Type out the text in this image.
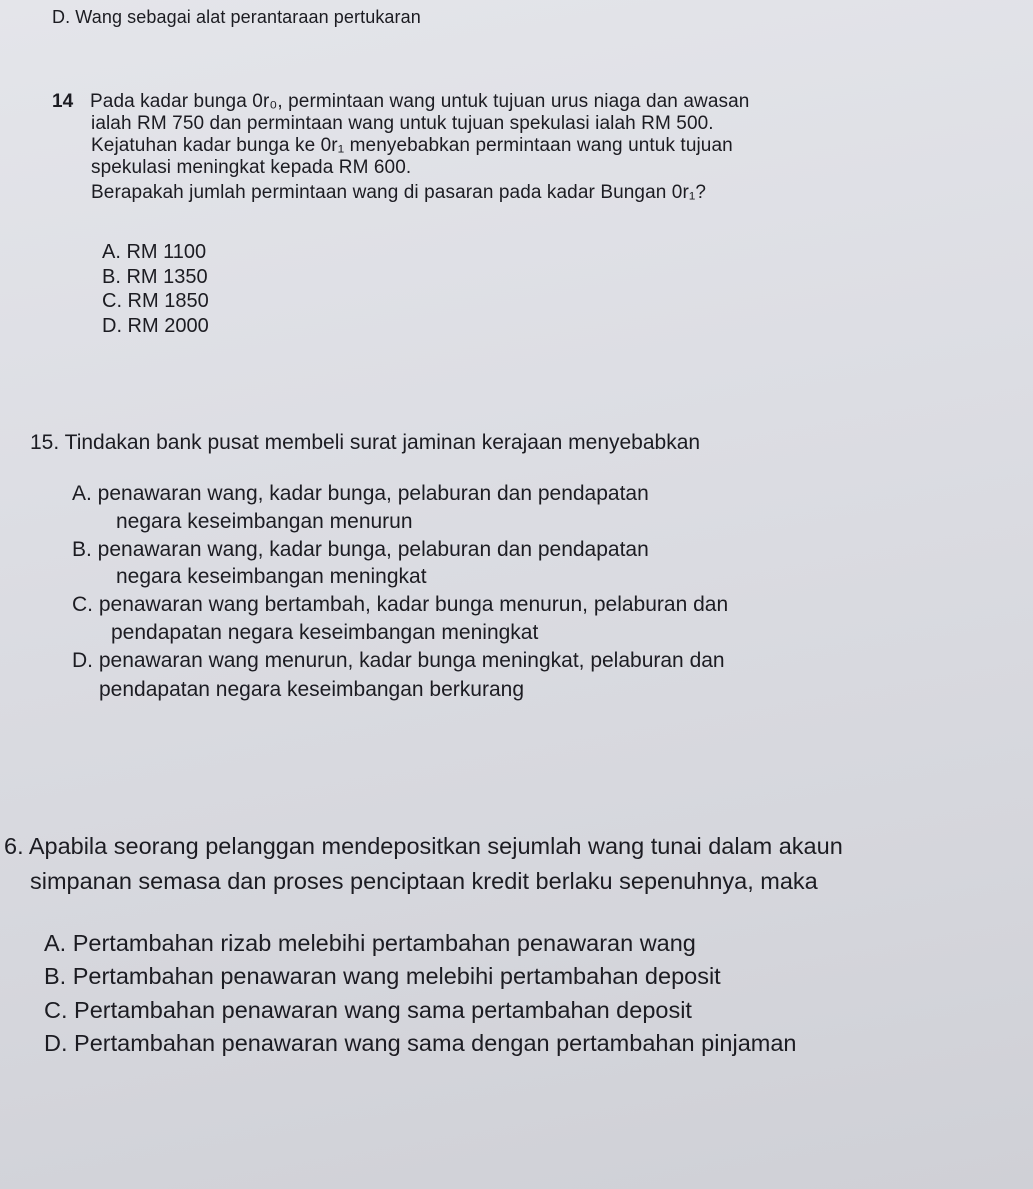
D. Wang sebagai alat perantaraan pertukaran
14 Pada kadar bunga 0r₀, permintaan wang untuk tujuan urus niaga dan awasan
ialah RM 750 dan permintaan wang untuk tujuan spekulasi ialah RM 500.
Kejatuhan kadar bunga ke 0r₁ menyebabkan permintaan wang untuk tujuan
spekulasi meningkat kepada RM 600.
Berapakah jumlah permintaan wang di pasaran pada kadar Bungan 0r₁?
A. RM 1100
B. RM 1350
C. RM 1850
D. RM 2000
15. Tindakan bank pusat membeli surat jaminan kerajaan menyebabkan
A. penawaran wang, kadar bunga, pelaburan dan pendapatan
negara keseimbangan menurun
B. penawaran wang, kadar bunga, pelaburan dan pendapatan
negara keseimbangan meningkat
C. penawaran wang bertambah, kadar bunga menurun, pelaburan dan
pendapatan negara keseimbangan meningkat
D. penawaran wang menurun, kadar bunga meningkat, pelaburan dan
pendapatan negara keseimbangan berkurang
6. Apabila seorang pelanggan mendepositkan sejumlah wang tunai dalam akaun
simpanan semasa dan proses penciptaan kredit berlaku sepenuhnya, maka
A. Pertambahan rizab melebihi pertambahan penawaran wang
B. Pertambahan penawaran wang melebihi pertambahan deposit
C. Pertambahan penawaran wang sama pertambahan deposit
D. Pertambahan penawaran wang sama dengan pertambahan pinjaman
